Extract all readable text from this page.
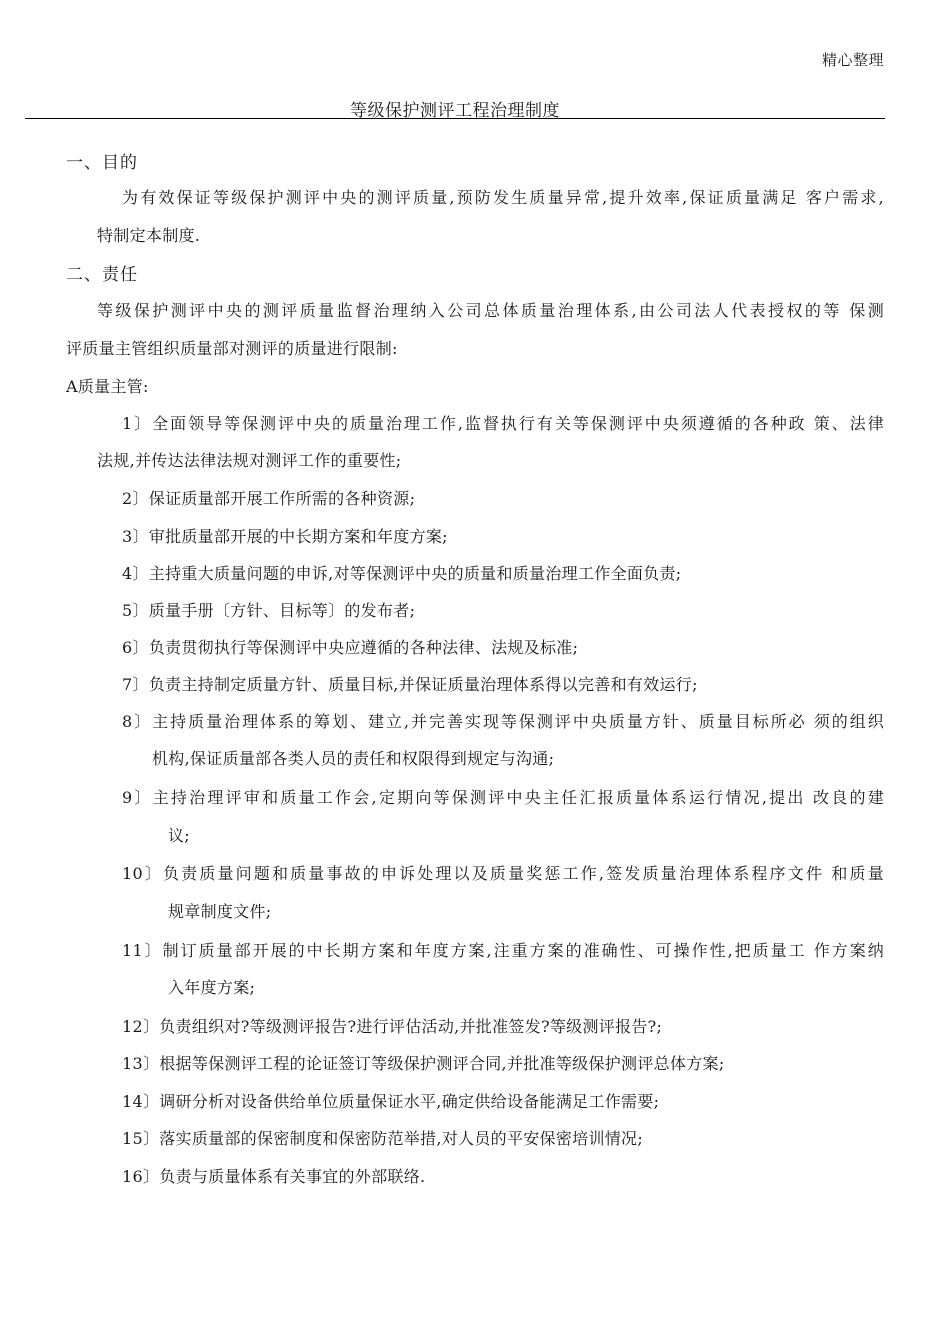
精心整理
等级保护测评工程治理制度
一、目的
为有效保证等级保护测评中央的测评质量,预防发生质量异常,提升效率,保证质量满足 客户需求,
特制定本制度.
二、责任
等级保护测评中央的测评质量监督治理纳入公司总体质量治理体系,由公司法人代表授权的等 保测
评质量主管组织质量部对测评的质量进行限制:
A质量主管:
1〕全面领导等保测评中央的质量治理工作,监督执行有关等保测评中央须遵循的各种政 策、法律
法规,并传达法律法规对测评工作的重要性;
2〕保证质量部开展工作所需的各种资源;
3〕审批质量部开展的中长期方案和年度方案;
4〕主持重大质量问题的申诉,对等保测评中央的质量和质量治理工作全面负责;
5〕质量手册〔方针、目标等〕的发布者;
6〕负责贯彻执行等保测评中央应遵循的各种法律、法规及标准;
7〕负责主持制定质量方针、质量目标,并保证质量治理体系得以完善和有效运行;
8〕主持质量治理体系的筹划、建立,并完善实现等保测评中央质量方针、质量目标所必 须的组织
机构,保证质量部各类人员的责任和权限得到规定与沟通;
9〕主持治理评审和质量工作会,定期向等保测评中央主任汇报质量体系运行情况,提出 改良的建
议;
10〕负责质量问题和质量事故的申诉处理以及质量奖惩工作,签发质量治理体系程序文件 和质量
规章制度文件;
11〕制订质量部开展的中长期方案和年度方案,注重方案的准确性、可操作性,把质量工 作方案纳
入年度方案;
12〕负责组织对?等级测评报告?进行评估活动,并批准签发?等级测评报告?;
13〕根据等保测评工程的论证签订等级保护测评合同,并批准等级保护测评总体方案;
14〕调研分析对设备供给单位质量保证水平,确定供给设备能满足工作需要;
15〕落实质量部的保密制度和保密防范举措,对人员的平安保密培训情况;
16〕负责与质量体系有关事宜的外部联络.
